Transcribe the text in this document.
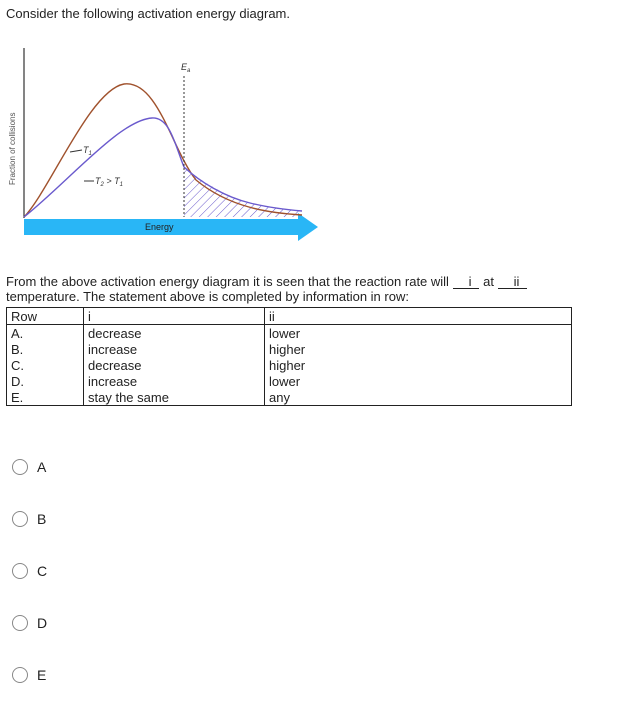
Consider the following activation energy diagram.
$E_a$
$T_1$
$T_2 > T_1$
Energy
Fraction of collisions
From the above activation energy diagram it is seen that the reaction rate will i at ii
temperature. The statement above is completed by information in row:
Row	i	ii
A.	decrease	lower
B.	increase	higher
C.	decrease	higher
D.	increase	lower
E.	stay the same	any
A
B
C
D
E
